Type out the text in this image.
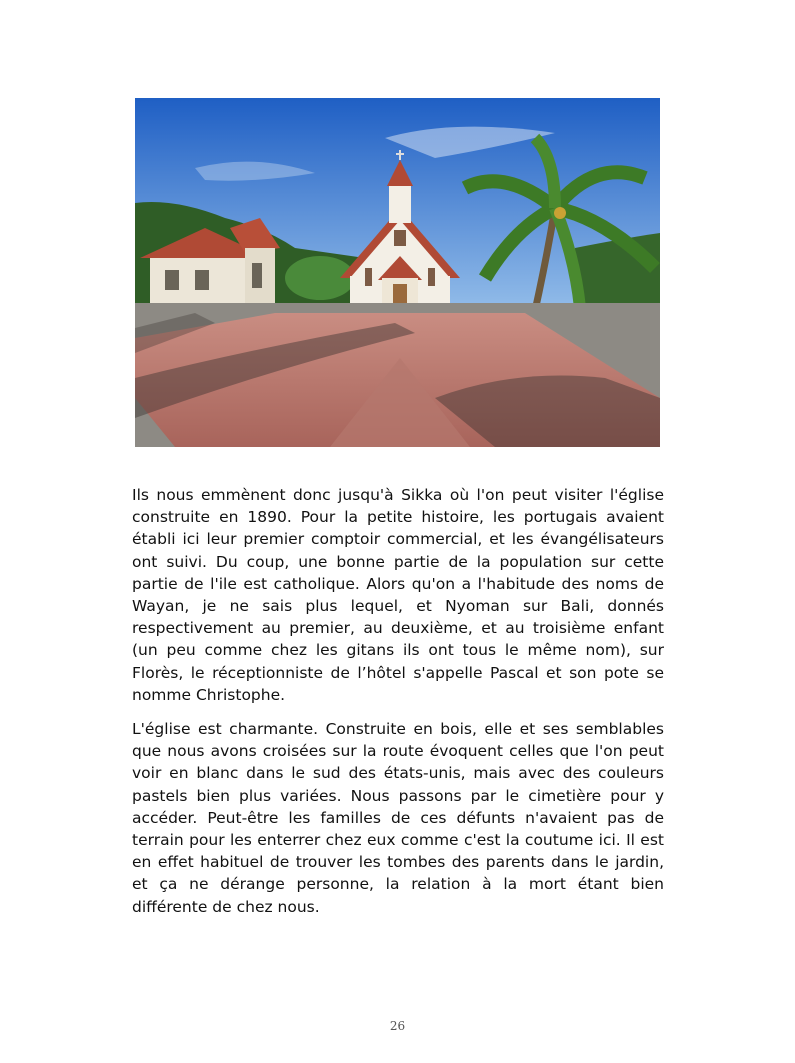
Ils nous emmènent donc jusqu'à Sikka où l'on peut visiter l'église construite en 1890. Pour la petite histoire, les portugais avaient établi ici leur premier comptoir commercial, et les évangélisateurs ont suivi. Du coup, une bonne partie de la population sur cette partie de l'ile est catholique. Alors qu'on a l'habitude des noms de Wayan, je ne sais plus lequel, et Nyoman sur Bali, donnés respectivement au premier, au deuxième, et au troisième enfant (un peu comme chez les gitans ils ont tous le même nom), sur Florès, le réceptionniste de l’hôtel s'appelle Pascal et son pote se nomme Christophe.

L'église est charmante. Construite en bois, elle et ses semblables que nous avons croisées sur la route évoquent celles que l'on peut voir en blanc dans le sud des états-unis, mais avec des couleurs pastels bien plus variées. Nous passons par le cimetière pour y accéder. Peut-être les familles de ces défunts n'avaient pas de terrain pour les enterrer chez eux comme c'est la coutume ici. Il est en effet habituel de trouver les tombes des parents dans le jardin, et ça ne dérange personne, la relation à la mort étant bien différente de chez nous.

26
